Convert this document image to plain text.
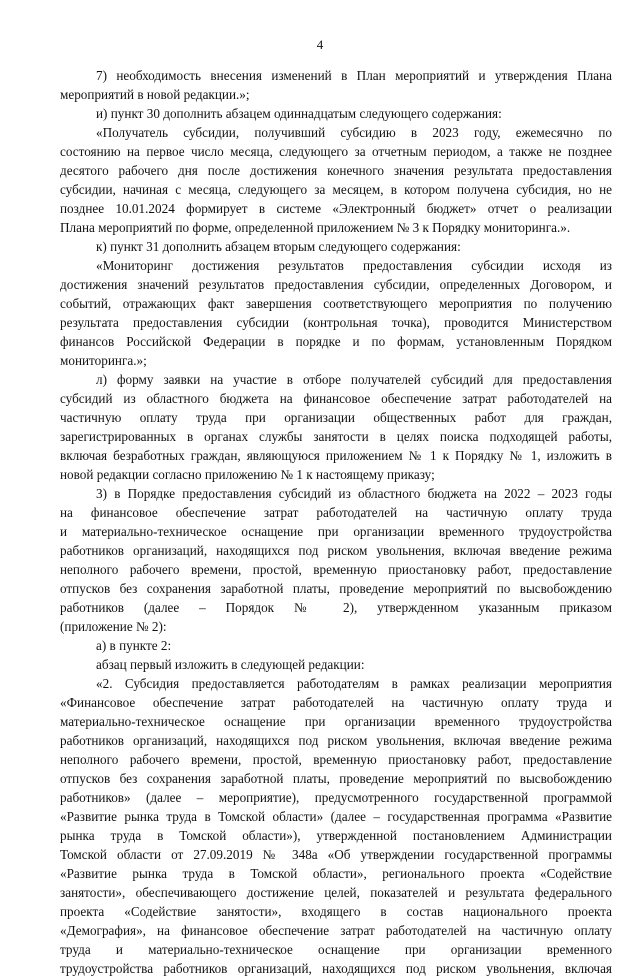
4
7) необходимость внесения изменений в План мероприятий и утверждения Плана
мероприятий в новой редакции.»;
и) пункт 30 дополнить абзацем одиннадцатым следующего содержания:
«Получатель субсидии, получивший субсидию в 2023 году, ежемесячно по
состоянию на первое число месяца, следующего за отчетным периодом, а также не позднее
десятого рабочего дня после достижения конечного значения результата предоставления
субсидии, начиная с месяца, следующего за месяцем, в котором получена субсидия, но не
позднее 10.01.2024 формирует в системе «Электронный бюджет» отчет о реализации
Плана мероприятий по форме, определенной приложением № 3 к Порядку мониторинга.».
к) пункт 31 дополнить абзацем вторым следующего содержания:
«Мониторинг достижения результатов предоставления субсидии исходя из
достижения значений результатов предоставления субсидии, определенных Договором, и
событий, отражающих факт завершения соответствующего мероприятия по получению
результата предоставления субсидии (контрольная точка), проводится Министерством
финансов Российской Федерации в порядке и по формам, установленным Порядком
мониторинга.»;
л) форму заявки на участие в отборе получателей субсидий для предоставления
субсидий из областного бюджета на финансовое обеспечение затрат работодателей на
частичную оплату труда при организации общественных работ для граждан,
зарегистрированных в органах службы занятости в целях поиска подходящей работы,
включая безработных граждан, являющуюся приложением № 1 к Порядку № 1, изложить в
новой редакции согласно приложению № 1 к настоящему приказу;
3) в Порядке предоставления субсидий из областного бюджета на 2022 – 2023 годы
на финансовое обеспечение затрат работодателей на частичную оплату труда
и материально-техническое оснащение при организации временного трудоустройства
работников организаций, находящихся под риском увольнения, включая введение режима
неполного рабочего времени, простой, временную приостановку работ, предоставление
отпусков без сохранения заработной платы, проведение мероприятий по высвобождению
работников (далее – Порядок № 2), утвержденном указанным приказом
(приложение № 2):
а) в пункте 2:
абзац первый изложить в следующей редакции:
«2. Субсидия предоставляется работодателям в рамках реализации мероприятия
«Финансовое обеспечение затрат работодателей на частичную оплату труда и
материально-техническое оснащение при организации временного трудоустройства
работников организаций, находящихся под риском увольнения, включая введение режима
неполного рабочего времени, простой, временную приостановку работ, предоставление
отпусков без сохранения заработной платы, проведение мероприятий по высвобождению
работников» (далее – мероприятие), предусмотренного государственной программой
«Развитие рынка труда в Томской области» (далее – государственная программа «Развитие
рынка труда в Томской области»), утвержденной постановлением Администрации
Томской области от 27.09.2019 № 348а «Об утверждении государственной программы
«Развитие рынка труда в Томской области», регионального проекта «Содействие
занятости», обеспечивающего достижение целей, показателей и результата федерального
проекта «Содействие занятости», входящего в состав национального проекта
«Демография», на финансовое обеспечение затрат работодателей на частичную оплату
труда и материально-техническое оснащение при организации временного
трудоустройства работников организаций, находящихся под риском увольнения, включая
